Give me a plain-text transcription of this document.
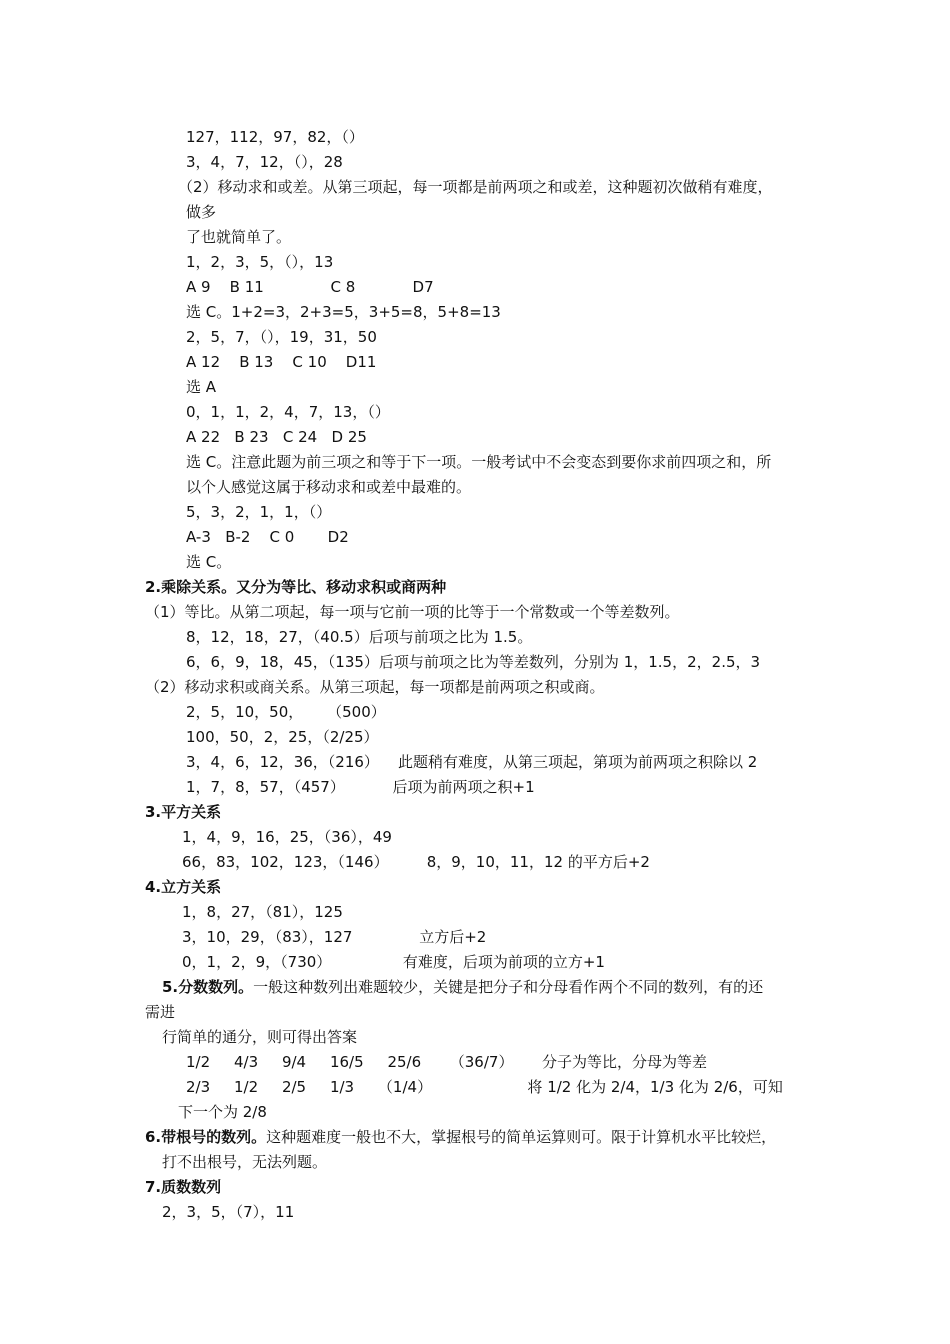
127，112，97，82，（）
3，4，7，12，（），28
（2）移动求和或差。从第三项起，每一项都是前两项之和或差，这种题初次做稍有难度，
做多
了也就简单了。
1，2，3，5，（），13
A 9    B 11              C 8            D7
选 C。1+2=3，2+3=5，3+5=8，5+8=13
2，5，7，（），19，31，50
A 12    B 13    C 10    D11
选 A
0，1，1，2，4，7，13，（）
A 22   B 23   C 24   D 25
选 C。注意此题为前三项之和等于下一项。一般考试中不会变态到要你求前四项之和，所
以个人感觉这属于移动求和或差中最难的。
5，3，2，1，1，（）
A-3   B-2    C 0       D2
选 C。
2.乘除关系。又分为等比、移动求积或商两种
（1）等比。从第二项起，每一项与它前一项的比等于一个常数或一个等差数列。
8，12，18，27，（40.5）后项与前项之比为 1.5。
6，6，9，18，45，（135）后项与前项之比为等差数列，分别为 1，1.5，2，2.5，3
（2）移动求积或商关系。从第三项起，每一项都是前两项之积或商。
2，5，10，50，     （500）
100，50，2，25，（2/25）
3，4，6，12，36，（216）    此题稍有难度，从第三项起，第项为前两项之积除以 2
1，7，8，57，（457）          后项为前两项之积+1
3.平方关系
1，4，9，16，25，（36），49
66，83，102，123，（146）        8，9，10，11，12 的平方后+2
4.立方关系
1，8，27，（81），125
3，10，29，（83），127              立方后+2
0，1，2，9，（730）               有难度，后项为前项的立方+1
5.分数数列。一般这种数列出难题较少，关键是把分子和分母看作两个不同的数列，有的还
需进
行简单的通分，则可得出答案
1/2     4/3     9/4     16/5     25/6      （36/7）      分子为等比，分母为等差
2/3     1/2     2/5     1/3     （1/4）                    将 1/2 化为 2/4，1/3 化为 2/6，可知
下一个为 2/8
6.带根号的数列。这种题难度一般也不大，掌握根号的简单运算则可。限于计算机水平比较烂，
打不出根号，无法列题。
7.质数数列
2，3，5，（7），11
